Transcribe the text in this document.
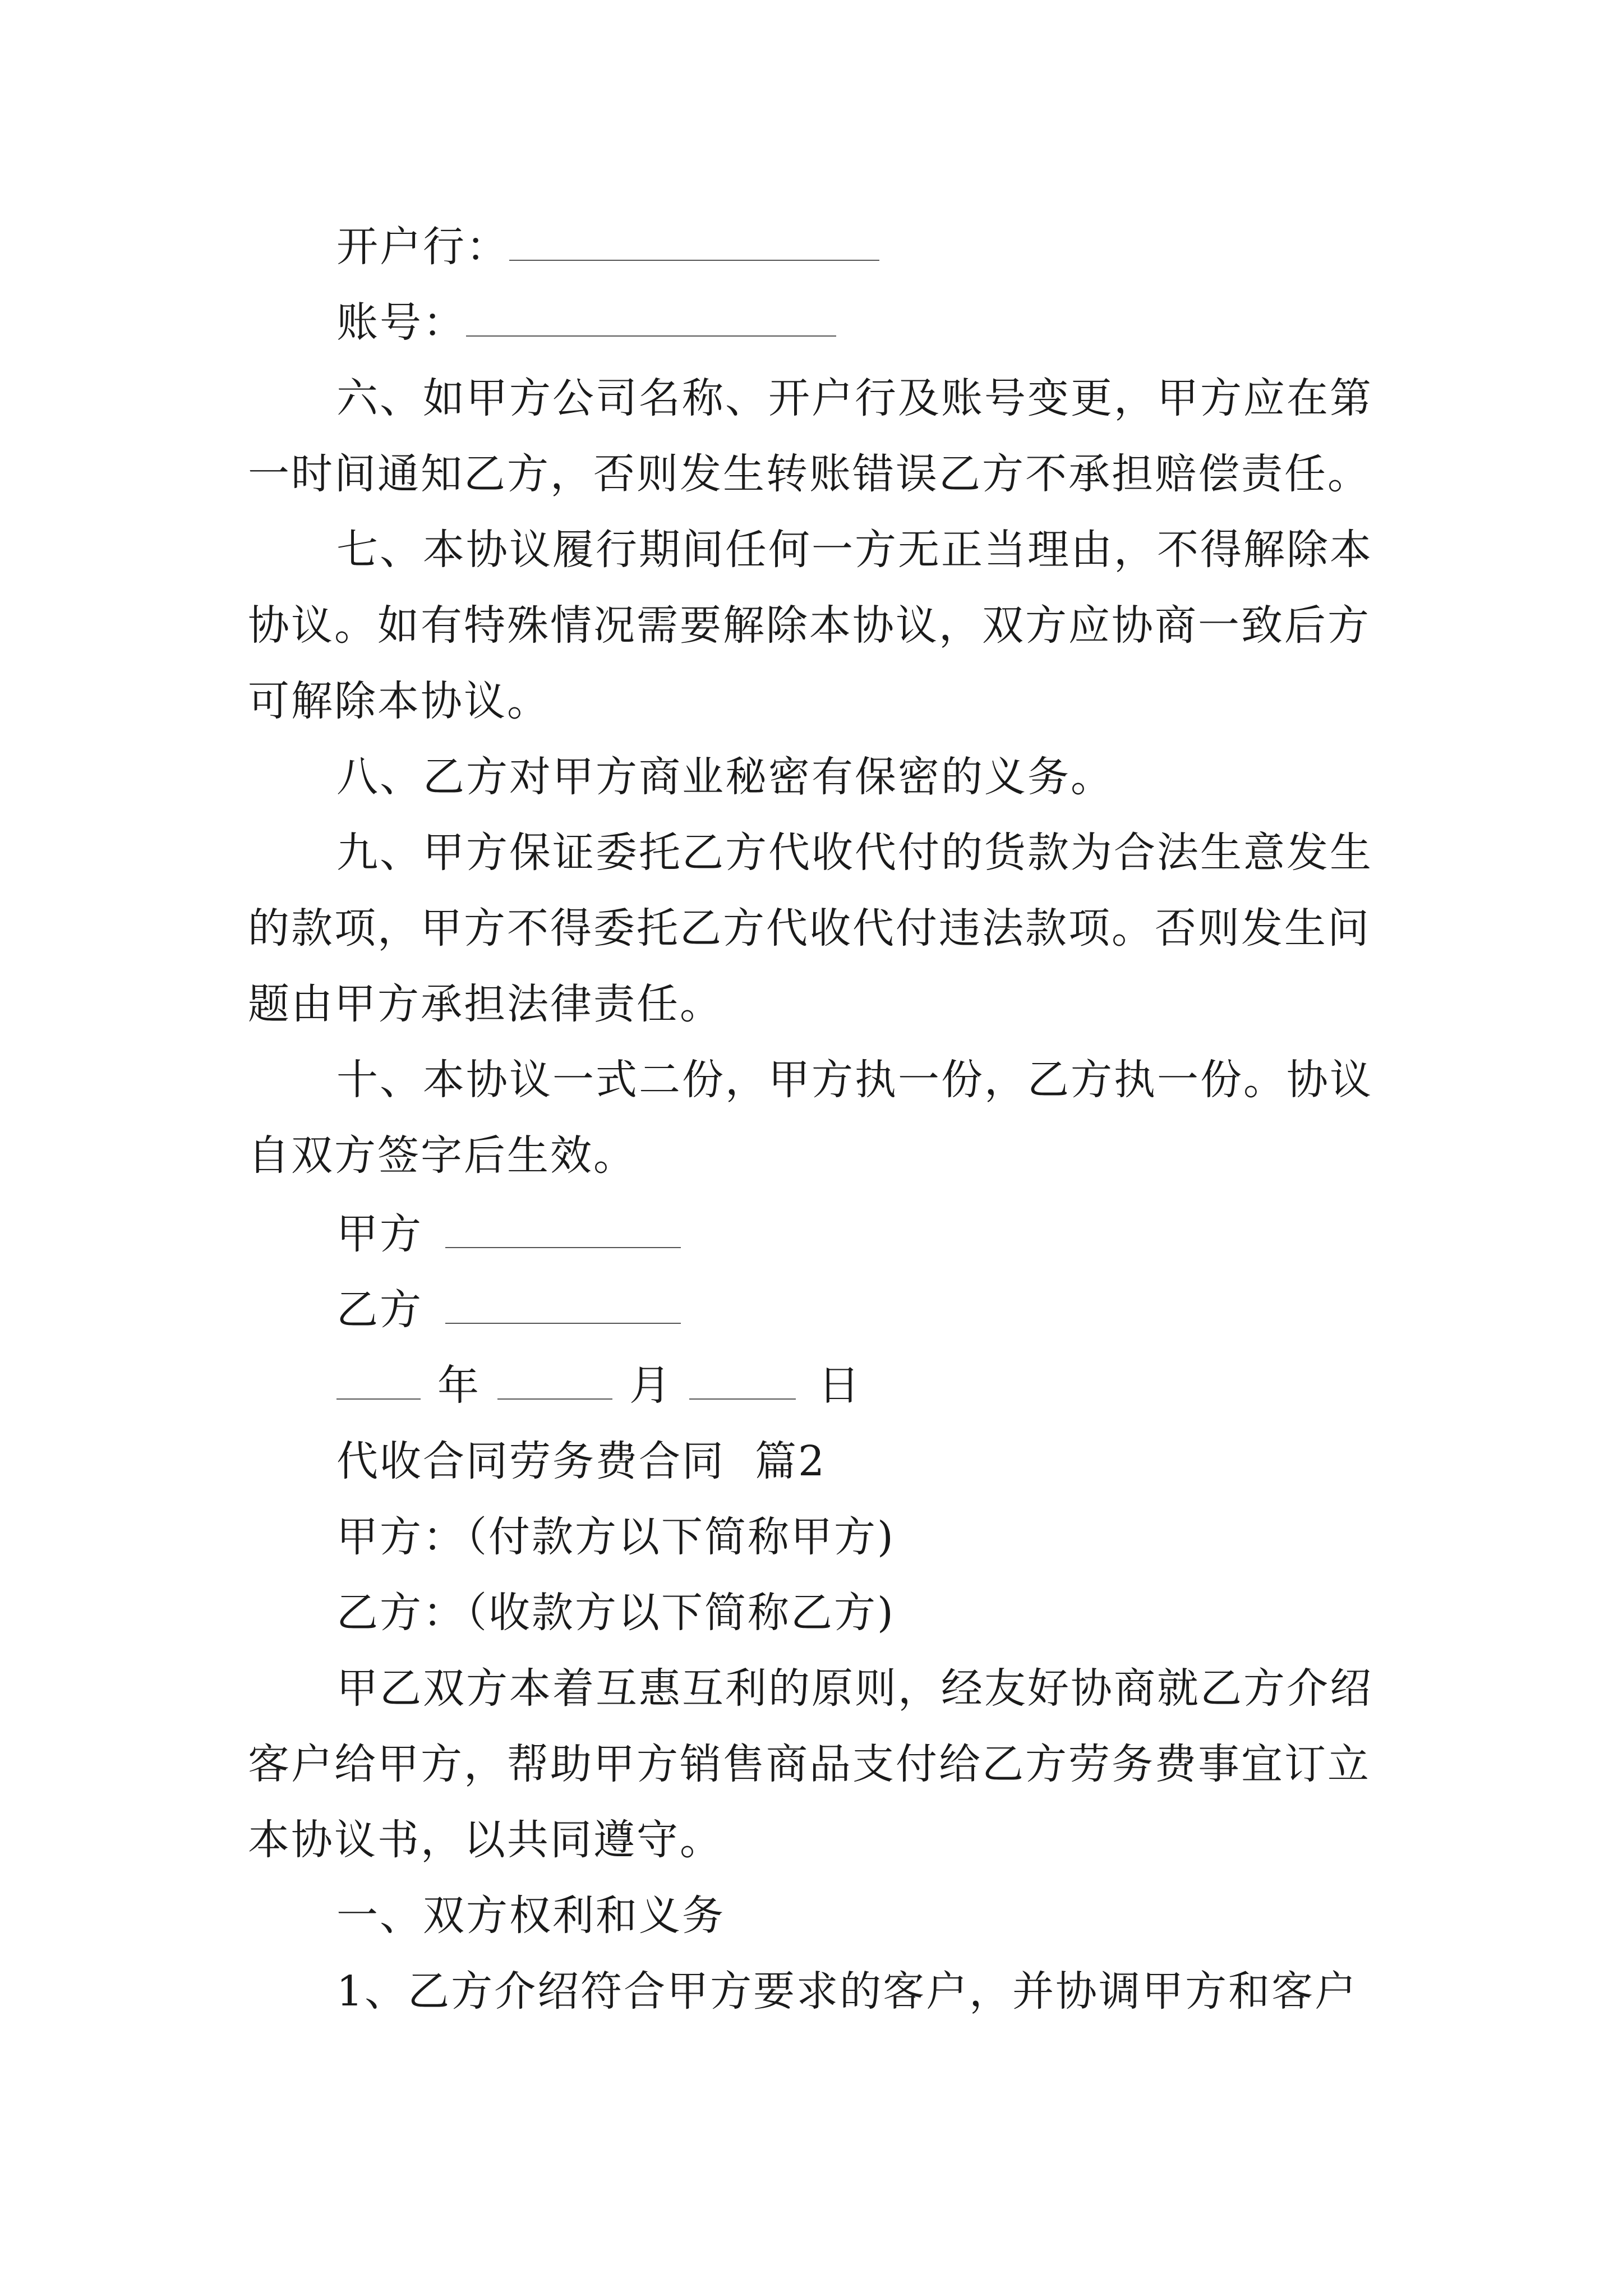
开户行：
账号：
六、如甲方公司名称、开户行及账号变更，甲方应在第
一时间通知乙方，否则发生转账错误乙方不承担赔偿责任。
七、本协议履行期间任何一方无正当理由，不得解除本
协议。如有特殊情况需要解除本协议，双方应协商一致后方
可解除本协议。
八、乙方对甲方商业秘密有保密的义务。
九、甲方保证委托乙方代收代付的货款为合法生意发生
的款项，甲方不得委托乙方代收代付违法款项。否则发生问
题由甲方承担法律责任。
十、本协议一式二份，甲方执一份，乙方执一份。协议
自双方签字后生效。
甲方
乙方
年	月	日
代收合同劳务费合同  篇2
甲方：（付款方以下简称甲方)
乙方：（收款方以下简称乙方)
甲乙双方本着互惠互利的原则，经友好协商就乙方介绍
客户给甲方，帮助甲方销售商品支付给乙方劳务费事宜订立
本协议书，以共同遵守。
一、双方权利和义务
1、乙方介绍符合甲方要求的客户，并协调甲方和客户
